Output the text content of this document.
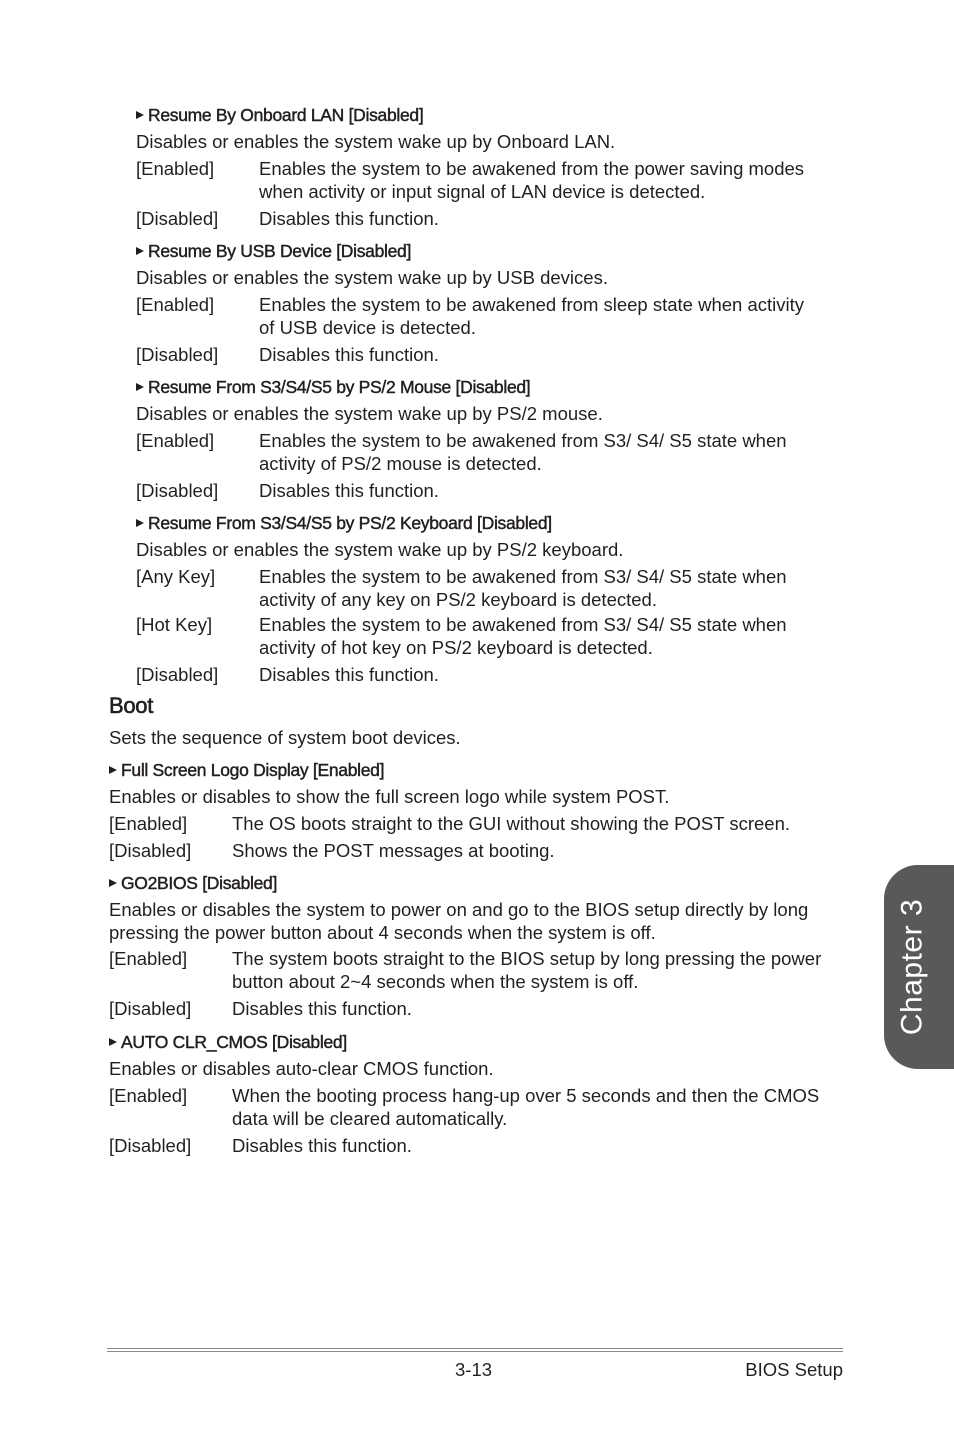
Resume By Onboard LAN [Disabled]
Disables or enables the system wake up by Onboard LAN.
[Enabled] Enables the system to be awakened from the power saving modes
when activity or input signal of LAN device is detected.
[Disabled] Disables this function.
Resume By USB Device [Disabled]
Disables or enables the system wake up by USB devices.
[Enabled] Enables the system to be awakened from sleep state when activity
of USB device is detected.
[Disabled] Disables this function.
Resume From S3/S4/S5 by PS/2 Mouse [Disabled]
Disables or enables the system wake up by PS/2 mouse.
[Enabled] Enables the system to be awakened from S3/ S4/ S5 state when
activity of PS/2 mouse is detected.
[Disabled] Disables this function.
Resume From S3/S4/S5 by PS/2 Keyboard [Disabled]
Disables or enables the system wake up by PS/2 keyboard.
[Any Key] Enables the system to be awakened from S3/ S4/ S5 state when
activity of any key on PS/2 keyboard is detected.
[Hot Key]	Enables the system to be awakened from S3/ S4/ S5 state when
activity of hot key on PS/2 keyboard is detected.
[Disabled] Disables this function.
Boot
Sets the sequence of system boot devices.
Full Screen Logo Display [Enabled]
Enables or disables to show the full screen logo while system POST.
[Enabled] The OS boots straight to the GUI without showing the POST screen.
[Disabled] Shows the POST messages at booting.
GO2BIOS [Disabled]
Enables or disables the system to power on and go to the BIOS setup directly by long
pressing the power button about 4 seconds when the system is off.
[Enabled] The system boots straight to the BIOS setup by long pressing the power
button about 2~4 seconds when the system is off.
[Disabled] Disables this function.
AUTO CLR_CMOS [Disabled]
Enables or disables auto-clear CMOS function.
[Enabled] When the booting process hang-up over 5 seconds and then the CMOS
data will be cleared automatically.
[Disabled] Disables this function.
3-13	BIOS Setup
Chapter 3
